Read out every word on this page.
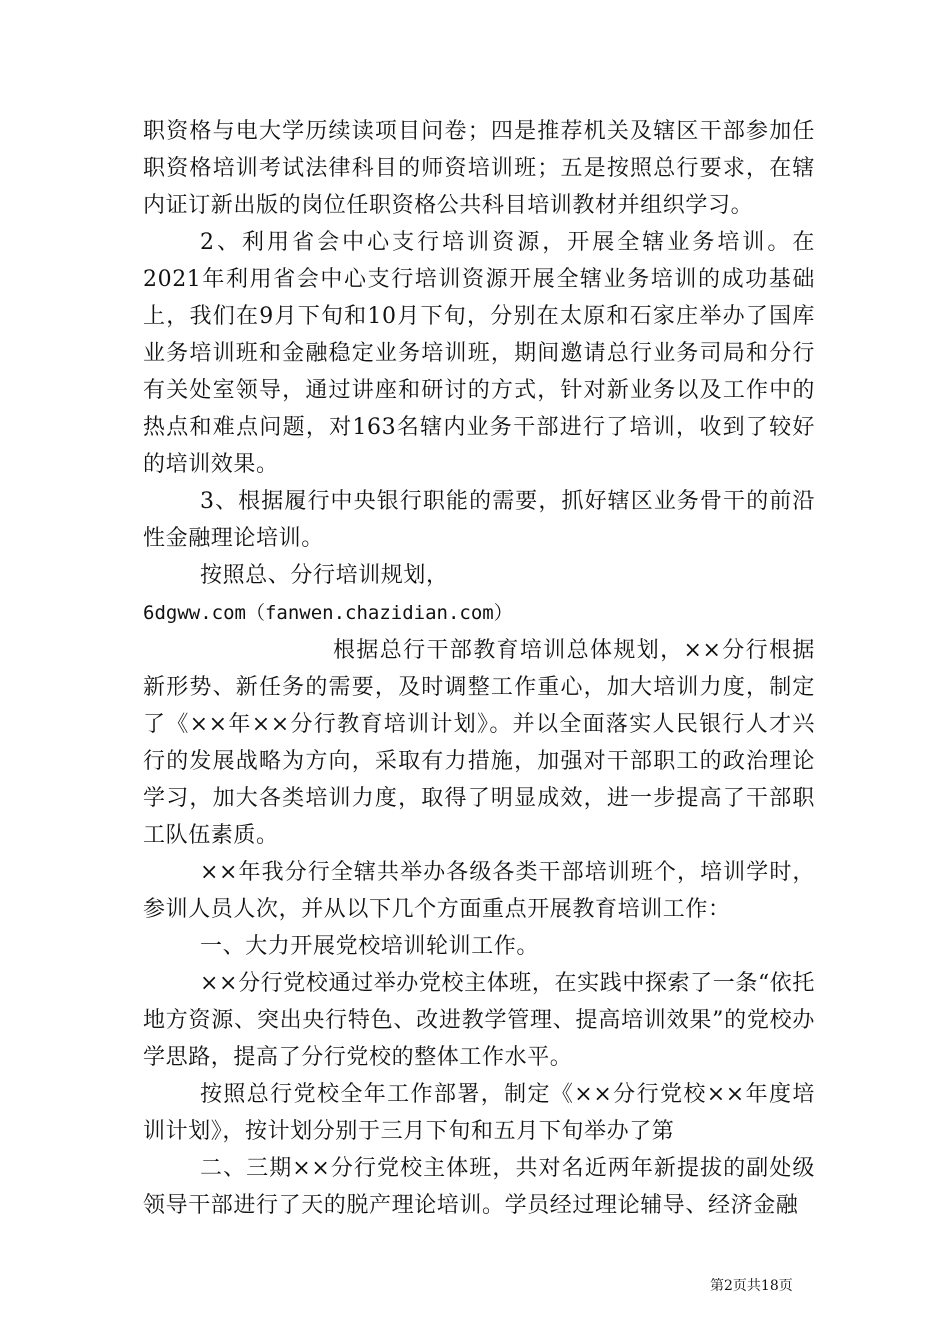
职资格与电大学历续读项目问卷；四是推荐机关及辖区干部参加任职资格培训考试法律科目的师资培训班；五是按照总行要求，在辖内证订新出版的岗位任职资格公共科目培训教材并组织学习。

2、利用省会中心支行培训资源，开展全辖业务培训。在2021年利用省会中心支行培训资源开展全辖业务培训的成功基础上，我们在9月下旬和10月下旬，分别在太原和石家庄举办了国库业务培训班和金融稳定业务培训班，期间邀请总行业务司局和分行有关处室领导，通过讲座和研讨的方式，针对新业务以及工作中的热点和难点问题，对163名辖内业务干部进行了培训，收到了较好的培训效果。

3、根据履行中央银行职能的需要，抓好辖区业务骨干的前沿性金融理论培训。

按照总、分行培训规划，

6dgww.com（fanwen.chazidian.com）

根据总行干部教育培训总体规划，××分行根据新形势、新任务的需要，及时调整工作重心，加大培训力度，制定了《××年××分行教育培训计划》。并以全面落实人民银行人才兴行的发展战略为方向，采取有力措施，加强对干部职工的政治理论学习，加大各类培训力度，取得了明显成效，进一步提高了干部职工队伍素质。

××年我分行全辖共举办各级各类干部培训班个，培训学时，参训人员人次，并从以下几个方面重点开展教育培训工作：

一、大力开展党校培训轮训工作。

××分行党校通过举办党校主体班，在实践中探索了一条“依托地方资源、突出央行特色、改进教学管理、提高培训效果”的党校办学思路，提高了分行党校的整体工作水平。

按照总行党校全年工作部署，制定《××分行党校××年度培训计划》，按计划分别于三月下旬和五月下旬举办了第

二、三期××分行党校主体班，共对名近两年新提拔的副处级领导干部进行了天的脱产理论培训。学员经过理论辅导、经济金融

第2页共18页
